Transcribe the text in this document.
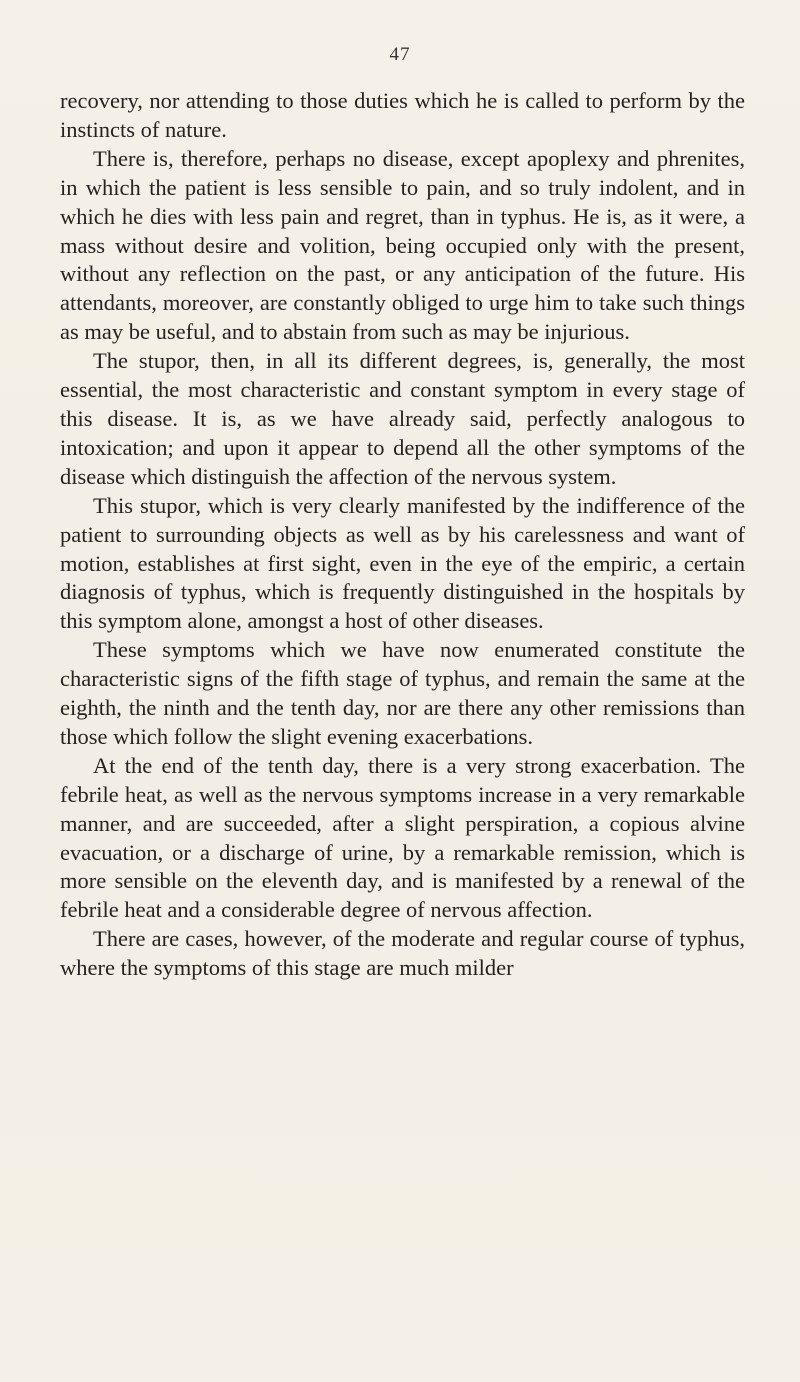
47

recovery, nor attending to those duties which he is called to perform by the instincts of nature.

There is, therefore, perhaps no disease, except apoplexy and phrenites, in which the patient is less sensible to pain, and so truly indolent, and in which he dies with less pain and regret, than in typhus. He is, as it were, a mass without desire and volition, being occupied only with the present, without any reflection on the past, or any anticipation of the future. His attendants, moreover, are constantly obliged to urge him to take such things as may be useful, and to abstain from such as may be injurious.

The stupor, then, in all its different degrees, is, generally, the most essential, the most characteristic and constant symptom in every stage of this disease. It is, as we have already said, perfectly analogous to intoxication; and upon it appear to depend all the other symptoms of the disease which distinguish the affection of the nervous system.

This stupor, which is very clearly manifested by the indifference of the patient to surrounding objects as well as by his carelessness and want of motion, establishes at first sight, even in the eye of the empiric, a certain diagnosis of typhus, which is frequently distinguished in the hospitals by this symptom alone, amongst a host of other diseases.

These symptoms which we have now enumerated constitute the characteristic signs of the fifth stage of typhus, and remain the same at the eighth, the ninth and the tenth day, nor are there any other remissions than those which follow the slight evening exacerbations.

At the end of the tenth day, there is a very strong exacerbation. The febrile heat, as well as the nervous symptoms increase in a very remarkable manner, and are succeeded, after a slight perspiration, a copious alvine evacuation, or a discharge of urine, by a remarkable remission, which is more sensible on the eleventh day, and is manifested by a renewal of the febrile heat and a considerable degree of nervous affection.

There are cases, however, of the moderate and regular course of typhus, where the symptoms of this stage are much milder
